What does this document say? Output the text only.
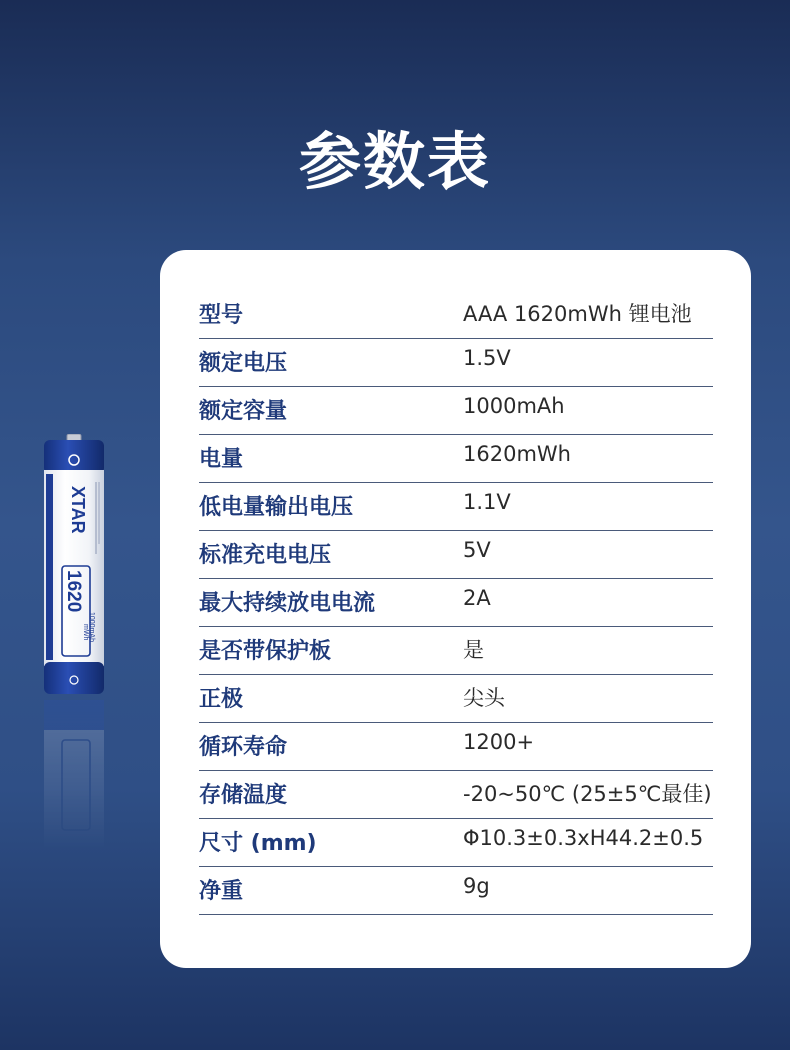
参数表
XTAR
1620
mWh 1000mAh
型号	AAA 1620mWh 锂电池
额定电压	1.5V
额定容量	1000mAh
电量	1620mWh
低电量输出电压	1.1V
标准充电电压	5V
最大持续放电电流	2A
是否带保护板	是
正极	尖头
循环寿命	1200+
存储温度	-20~50℃ (25±5℃最佳)
尺寸 (mm)	Φ10.3±0.3xH44.2±0.5
净重	9g
